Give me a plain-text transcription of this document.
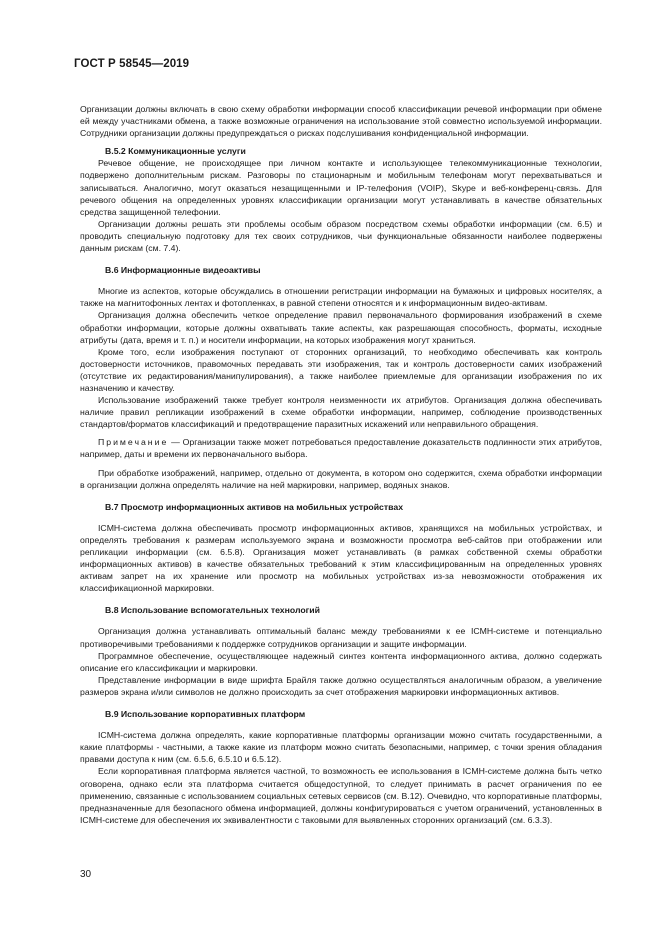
ГОСТ Р 58545—2019

Организации должны включать в свою схему обработки информации способ классификации речевой информации при обмене ей между участниками обмена, а также возможные ограничения на использование этой совместно используемой информации. Сотрудники организации должны предупреждаться о рисках подслушивания конфиденциальной информации.

В.5.2 Коммуникационные услуги

Речевое общение, не происходящее при личном контакте и использующее телекоммуникационные технологии, подвержено дополнительным рискам. Разговоры по стационарным и мобильным телефонам могут перехватываться и записываться. Аналогично, могут оказаться незащищенными и IP-телефония (VOIP), Skype и веб-конференц-связь. Для речевого общения на определенных уровнях классификации организации могут устанавливать в качестве обязательных средства защищенной телефонии.

Организации должны решать эти проблемы особым образом посредством схемы обработки информации (см. 6.5) и проводить специальную подготовку для тех своих сотрудников, чьи функциональные обязанности наиболее подвержены данным рискам (см. 7.4).

В.6 Информационные видеоактивы

Многие из аспектов, которые обсуждались в отношении регистрации информации на бумажных и цифровых носителях, а также на магнитофонных лентах и фотопленках, в равной степени относятся и к информационным видео-активам.

Организация должна обеспечить четкое определение правил первоначального формирования изображений в схеме обработки информации, которые должны охватывать такие аспекты, как разрешающая способность, форматы, исходные атрибуты (дата, время и т. п.) и носители информации, на которых изображения могут храниться.

Кроме того, если изображения поступают от сторонних организаций, то необходимо обеспечивать как контроль достоверности источников, правомочных передавать эти изображения, так и контроль достоверности самих изображений (отсутствие их редактирования/манипулирования), а также наиболее приемлемые для организации изображения по их назначению и качеству.

Использование изображений также требует контроля неизменности их атрибутов. Организация должна обеспечивать наличие правил репликации изображений в схеме обработки информации, например, соблюдение производственных стандартов/форматов классификаций и предотвращение паразитных искажений или неправильного обращения.

Примечание — Организации также может потребоваться предоставление доказательств подлинности этих атрибутов, например, даты и времени их первоначального выбора.

При обработке изображений, например, отдельно от документа, в котором оно содержится, схема обработки информации в организации должна определять наличие на ней маркировки, например, водяных знаков.

В.7 Просмотр информационных активов на мобильных устройствах

ICMH-система должна обеспечивать просмотр информационных активов, хранящихся на мобильных устройствах, и определять требования к размерам используемого экрана и возможности просмотра веб-сайтов при отображении или репликации информации (см. 6.5.8). Организация может устанавливать (в рамках собственной схемы обработки информационных активов) в качестве обязательных требований к этим классифицированным на определенных уровнях активам запрет на их хранение или просмотр на мобильных устройствах из-за невозможности отображения их классификационной маркировки.

В.8 Использование вспомогательных технологий

Организация должна устанавливать оптимальный баланс между требованиями к ее ICMH-системе и потенциально противоречивыми требованиями к поддержке сотрудников организации и защите информации.

Программное обеспечение, осуществляющее надежный синтез контента информационного актива, должно содержать описание его классификации и маркировки.

Представление информации в виде шрифта Брайля также должно осуществляться аналогичным образом, а увеличение размеров экрана и/или символов не должно происходить за счет отображения маркировки информационных активов.

В.9 Использование корпоративных платформ

ICMH-система должна определять, какие корпоративные платформы организации можно считать государственными, а какие платформы - частными, а также какие из платформ можно считать безопасными, например, с точки зрения обладания правами доступа к ним (см. 6.5.6, 6.5.10 и 6.5.12).

Если корпоративная платформа является частной, то возможность ее использования в ICMH-системе должна быть четко оговорена, однако если эта платформа считается общедоступной, то следует принимать в расчет ограничения по ее применению, связанные с использованием социальных сетевых сервисов (см. В.12). Очевидно, что корпоративные платформы, предназначенные для безопасного обмена информацией, должны конфигурироваться с учетом ограничений, установленных в ICMH-системе для обеспечения их эквивалентности с таковыми для выявленных сторонних организаций (см. 6.3.3).

30
